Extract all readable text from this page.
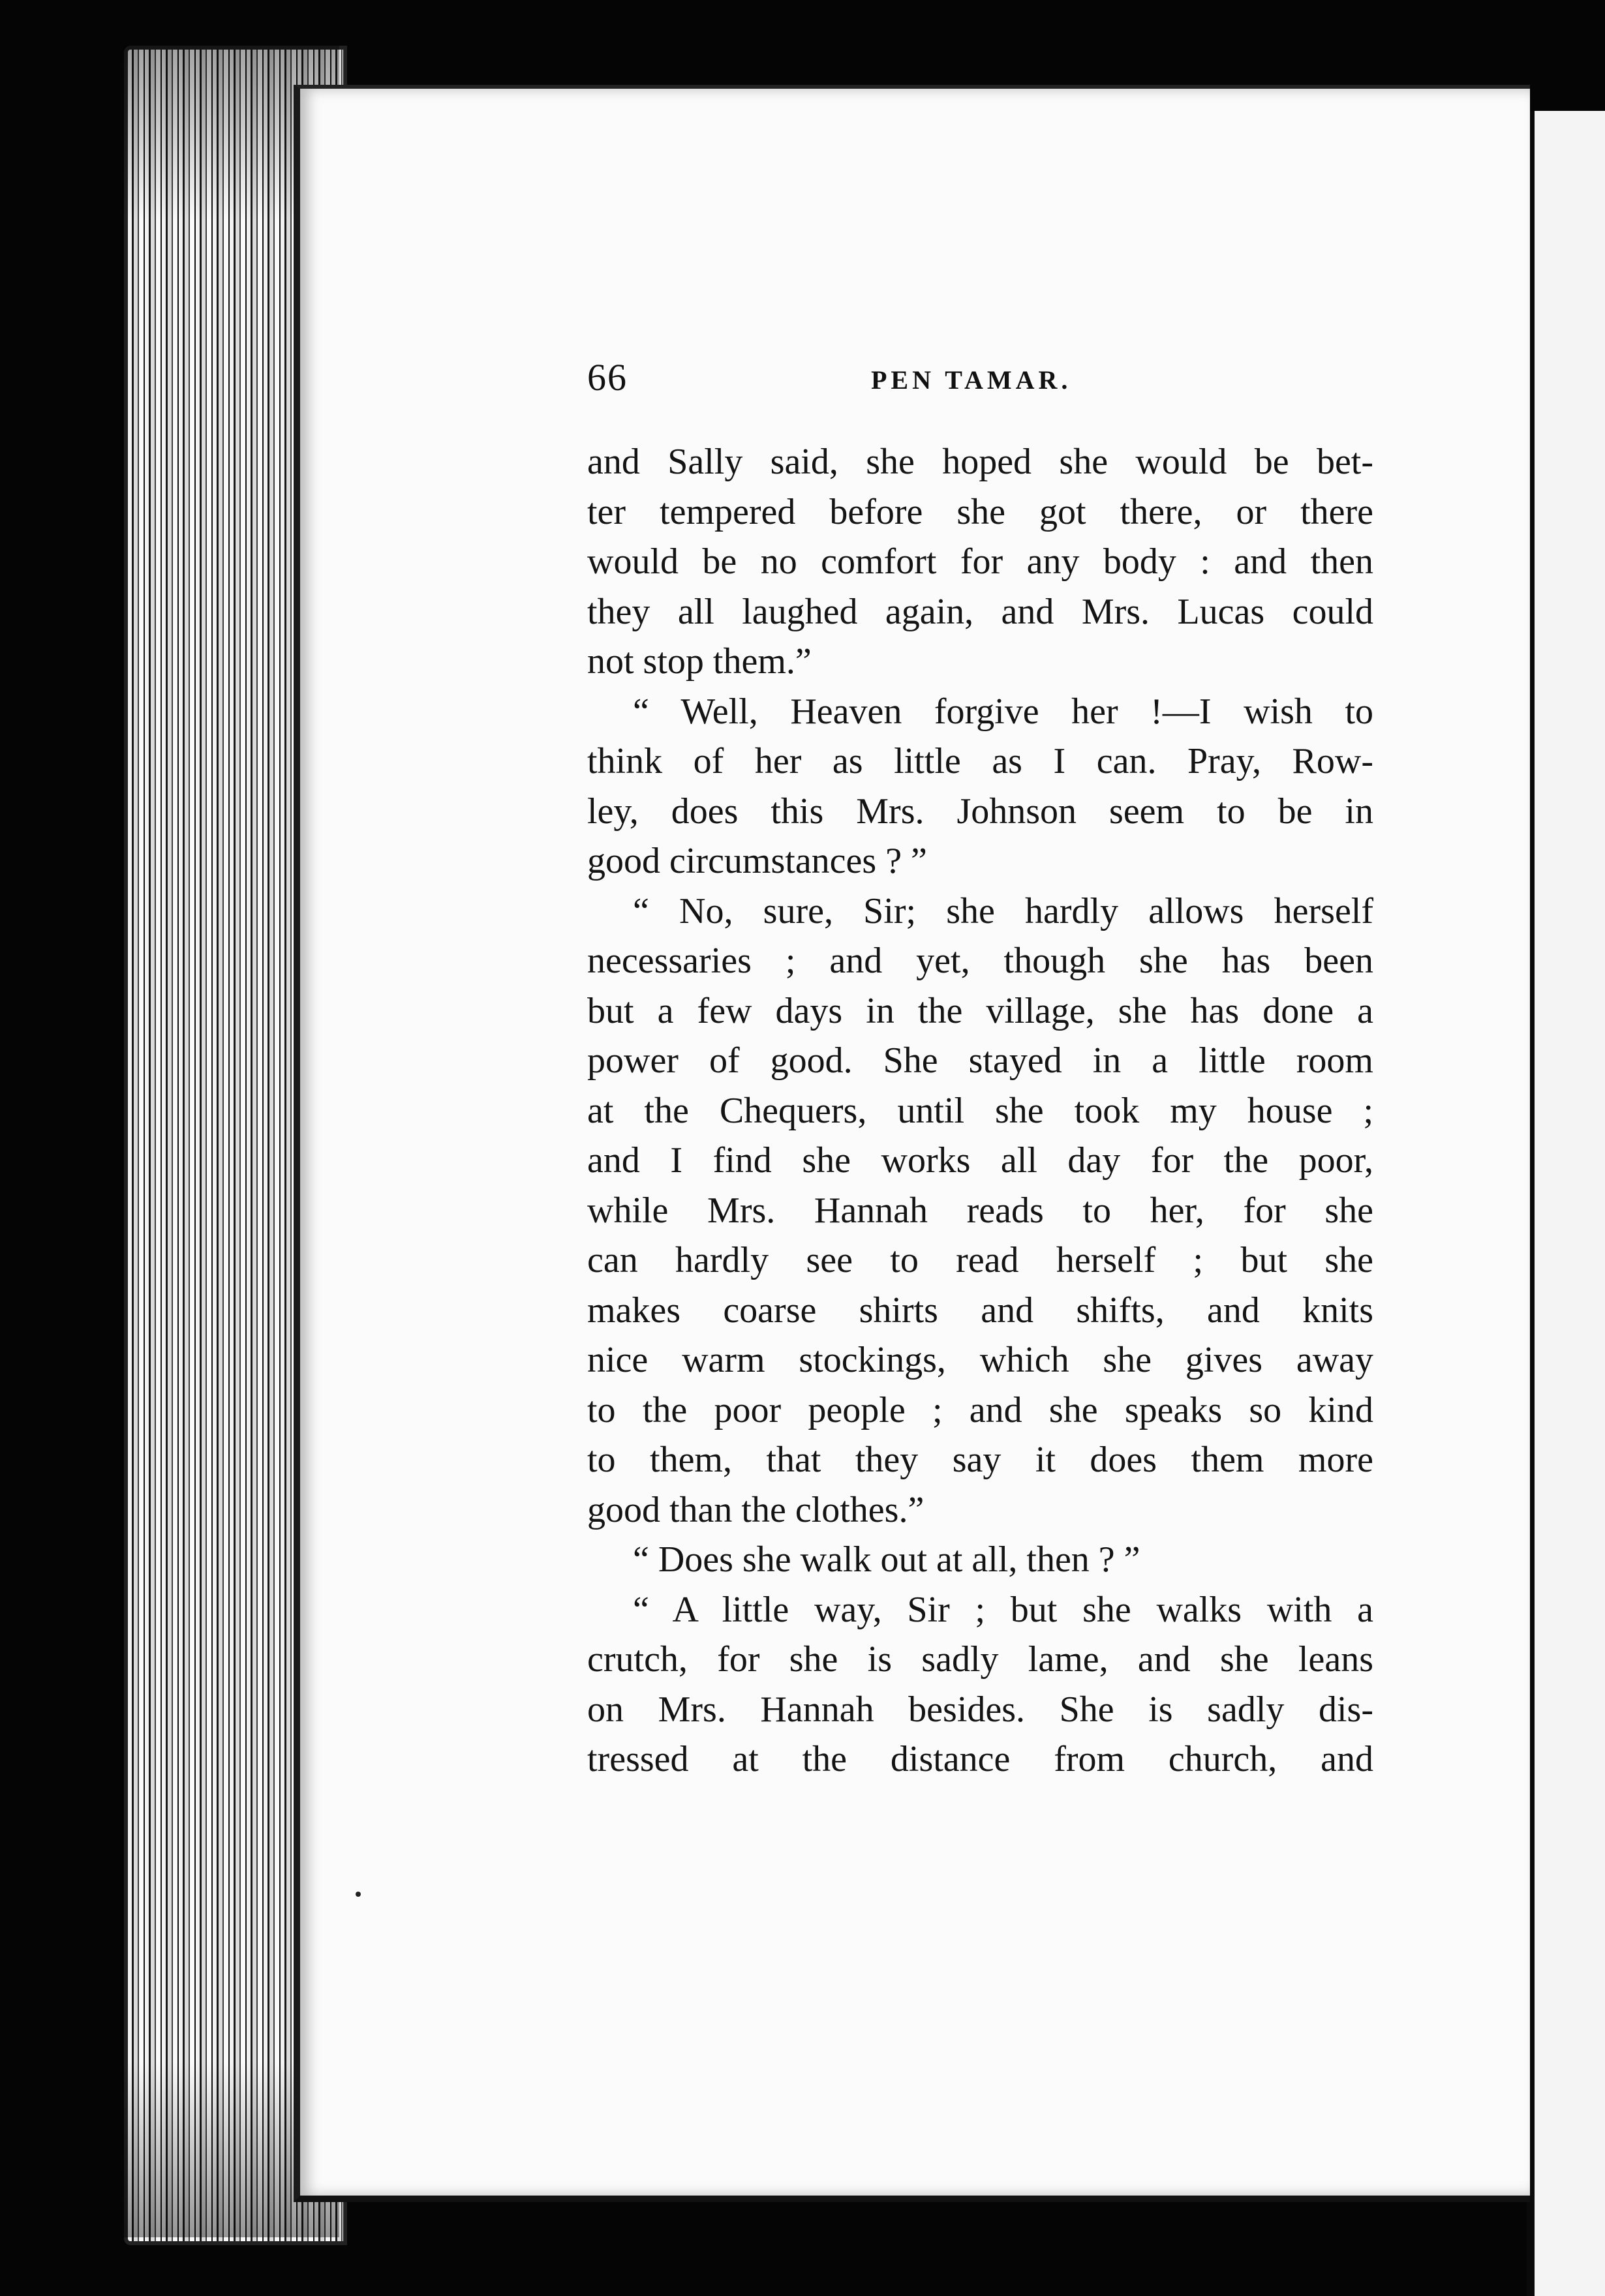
66	PEN TAMAR.
and Sally said, she hoped she would be bet-
ter tempered before she got there, or there
would be no comfort for any body : and then
they all laughed again, and Mrs. Lucas could
not stop them.”
“ Well, Heaven forgive her !—I wish to
think of her as little as I can. Pray, Row-
ley, does this Mrs. Johnson seem to be in
good circumstances ? ”
“ No, sure, Sir; she hardly allows herself
necessaries ; and yet, though she has been
but a few days in the village, she has done a
power of good. She stayed in a little room
at the Chequers, until she took my house ;
and I find she works all day for the poor,
while Mrs. Hannah reads to her, for she
can hardly see to read herself ; but she
makes coarse shirts and shifts, and knits
nice warm stockings, which she gives away
to the poor people ; and she speaks so kind
to them, that they say it does them more
good than the clothes.”
“ Does she walk out at all, then ? ”
“ A little way, Sir ; but she walks with a
crutch, for she is sadly lame, and she leans
on Mrs. Hannah besides. She is sadly dis-
tressed at the distance from church, and
